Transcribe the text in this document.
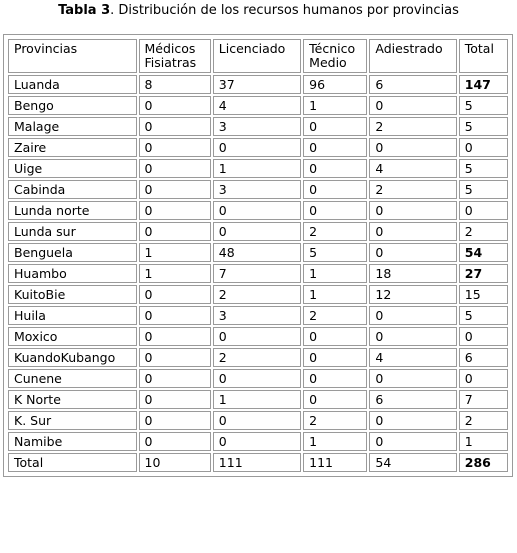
Tabla 3. Distribución de los recursos humanos por provincias
Provincias	Médicos Fisiatras	Licenciado	Técnico Medio	Adiestrado	Total
Luanda	8	37	96	6	147
Bengo	0	4	1	0	5
Malage	0	3	0	2	5
Zaire	0	0	0	0	0
Uige	0	1	0	4	5
Cabinda	0	3	0	2	5
Lunda norte	0	0	0	0	0
Lunda sur	0	0	2	0	2
Benguela	1	48	5	0	54
Huambo	1	7	1	18	27
KuitoBie	0	2	1	12	15
Huila	0	3	2	0	5
Moxico	0	0	0	0	0
KuandoKubango	0	2	0	4	6
Cunene	0	0	0	0	0
K Norte	0	1	0	6	7
K. Sur	0	0	2	0	2
Namibe	0	0	1	0	1
Total	10	111	111	54	286
